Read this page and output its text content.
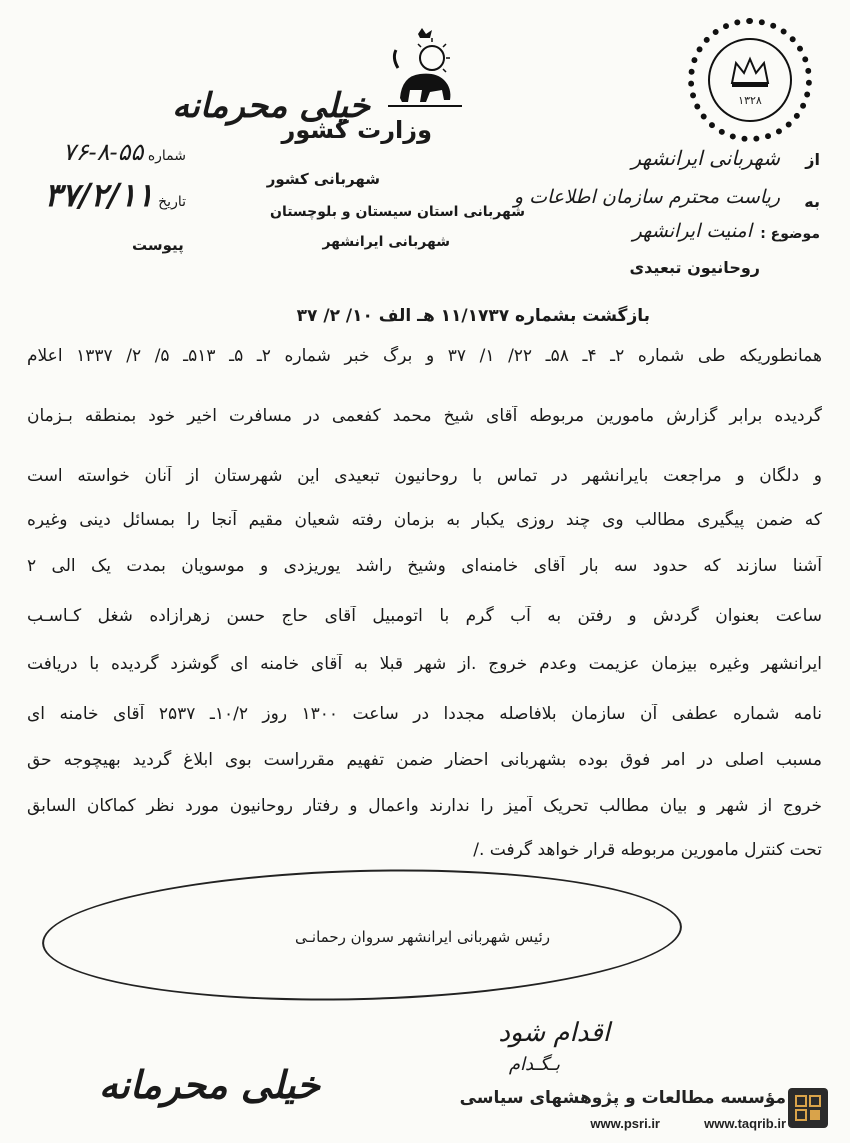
۱۳۲۸
خیلی محرمانه
وزارت کشور
شهربانی کشور
شهربانی استان سیستان و بلوچستان
شهربانی ایرانشهر
شماره ۵۵-۸-۷۶
تاریخ ۳۷/۲/۱۱
پیوست
از
شهربانی ایرانشهر
به
ریاست محترم سازمان اطلاعات و
موضوع :
امنیت ایرانشهر
روحانیون تبعیدی
بازگشت بشماره ۱۱/۱۷۳۷ هـ الف ۱۰/ ۲/ ۳۷
همانطوریکه طی شماره ۲ـ ۴ـ ۵۸ـ ۲۲/ ۱/ ۳۷ و برگ خبر شماره ۲ـ ۵ـ ۵۱۳ـ ۵/ ۲/ ۱۳۳۷ اعلام
گردیده برابر گزارش مامورین مربوطه آقای شیخ محمد کفعمی در مسافرت اخیر خود بمنطقه بـزمان
و دلگان و مراجعت بایرانشهر در تماس با روحانیون تبعیدی این شهرستان از آنان خواسته است
که ضمن پیگیری مطالب وی چند روزی یکبار به بزمان رفته شعیان مقیم آنجا را بمسائل دینی وغیره
آشنا سازند که حدود سه بار آقای خامنه‌ای وشیخ راشد یوریزدی و موسویان بمدت یک الی ۲
ساعت بعنوان گردش و رفتن به آب گرم با اتومبیل آقای حاج حسن زهرازاده شغل کـاسـب
ایرانشهر وغیره بیزمان عزیمت وعدم خروج .از شهر قبلا به آقای خامنه ای گوشزد گردیده با دریافت
نامه شماره عطفی آن سازمان بلافاصله مجددا در ساعت ۱۳۰۰ روز ۱۰/۲ـ ۲۵۳۷ آقای خامنه ای
مسبب اصلی در امر فوق بوده بشهربانی احضار ضمن تفهیم مقرراست بوی ابلاغ گردید بهیچوجه حق
خروج از شهر و بیان مطالب تحریک آمیز را ندارند واعمال و رفتار روحانیون مورد نظر کماکان السابق
تحت کنترل مامورین مربوطه قرار خواهد گرفت ./
رئیس شهربانی ایرانشهر سروان رحمانـی
اقدام شود
بـگـدام
خیلی محرمانه	مؤسسه مطالعات و پژوهشهای سیاسی
www.psri.ir	www.taqrib.ir
